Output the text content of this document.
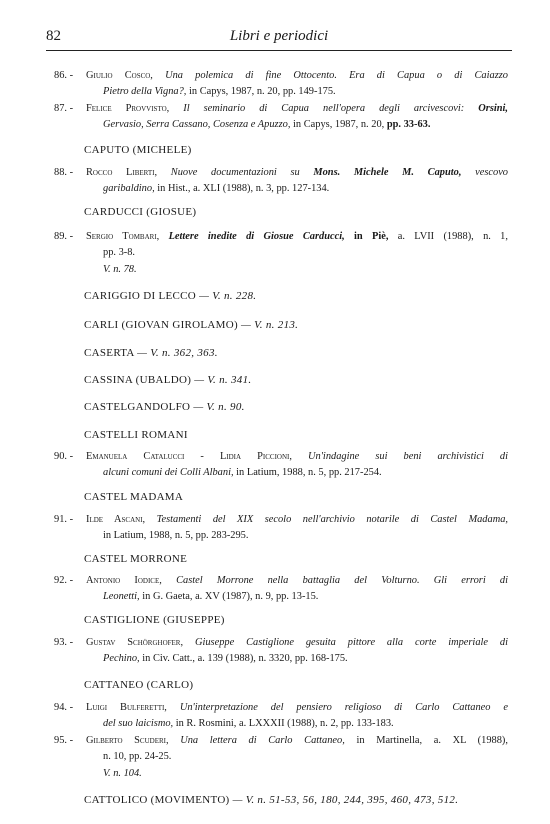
82	Libri e periodici
86. -	Giulio Cosco, Una polemica di fine Ottocento. Era di Capua o di Caiazzo
Pietro della Vigna?, in Capys, 1987, n. 20, pp. 149-175.
87. -	Felice Provvisto, Il seminario di Capua nell'opera degli arcivescovi: Orsini,
Gervasio, Serra Cassano, Cosenza e Apuzzo, in Capys, 1987, n. 20, pp. 33-63.
CAPUTO (MICHELE)
88. -	Rocco Liberti, Nuove documentazioni su Mons. Michele M. Caputo, vescovo
garibaldino, in Hist., a. XLI (1988), n. 3, pp. 127-134.
CARDUCCI (GIOSUE)
89. -	Sergio Tombari, Lettere inedite di Giosue Carducci, in Piè, a. LVII (1988), n. 1,
pp. 3-8.
V. n. 78.
CARIGGIO DI LECCO — V. n. 228.
CARLI (GIOVAN GIROLAMO) — V. n. 213.
CASERTA — V. n. 362, 363.
CASSINA (UBALDO) — V. n. 341.
CASTELGANDOLFO — V. n. 90.
CASTELLI ROMANI
90. -	Emanuela Catalucci - Lidia Piccioni, Un'indagine sui beni archivistici di
alcuni comuni dei Colli Albani, in Latium, 1988, n. 5, pp. 217-254.
CASTEL MADAMA
91. -	Ilde Ascani, Testamenti del XIX secolo nell'archivio notarile di Castel Madama,
in Latium, 1988, n. 5, pp. 283-295.
CASTEL MORRONE
92. -	Antonio Iodice, Castel Morrone nella battaglia del Volturno. Gli errori di
Leonetti, in G. Gaeta, a. XV (1987), n. 9, pp. 13-15.
CASTIGLIONE (GIUSEPPE)
93. -	Gustav Schörghofer, Giuseppe Castiglione gesuita pittore alla corte imperiale di
Pechino, in Civ. Catt., a. 139 (1988), n. 3320, pp. 168-175.
CATTANEO (CARLO)
94. -	Luigi Bulferetti, Un'interpretazione del pensiero religioso di Carlo Cattaneo e
del suo laicismo, in R. Rosmini, a. LXXXII (1988), n. 2, pp. 133-183.
95. -	Gilberto Scuderi, Una lettera di Carlo Cattaneo, in Martinella, a. XL (1988),
n. 10, pp. 24-25.
V. n. 104.
CATTOLICO (MOVIMENTO) — V. n. 51-53, 56, 180, 244, 395, 460, 473, 512.
